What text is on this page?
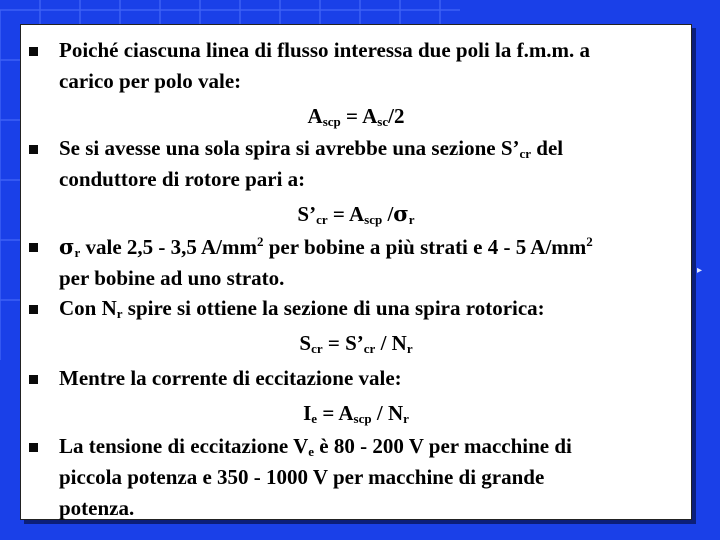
Poiché ciascuna linea di flusso interessa due poli la f.m.m. a
carico per polo vale:
$A_{scp} = A_{sc}/2$
Se si avesse una sola spira si avrebbe una sezione $S’_{cr}$ del
conduttore di rotore pari a:
$S’_{cr} = A_{scp}$ $/\sigma_r$
$\sigma_r$ vale 2,5 - 3,5 $A/mm^2$ per bobine a più strati e 4 - 5 $A/mm^2$
per bobine ad uno strato.
Con $N_r$ spire si ottiene la sezione di una spira rotorica:
$S_{cr}$ = $S’_{cr} / N_r$
Mentre la corrente di eccitazione vale:
$I_e = A_{scp} / N_r$
La tensione di eccitazione $V_e$ è 80 - 200 V per macchine di
piccola potenza e 350 - 1000 V per macchine di grande
potenza.
▸
